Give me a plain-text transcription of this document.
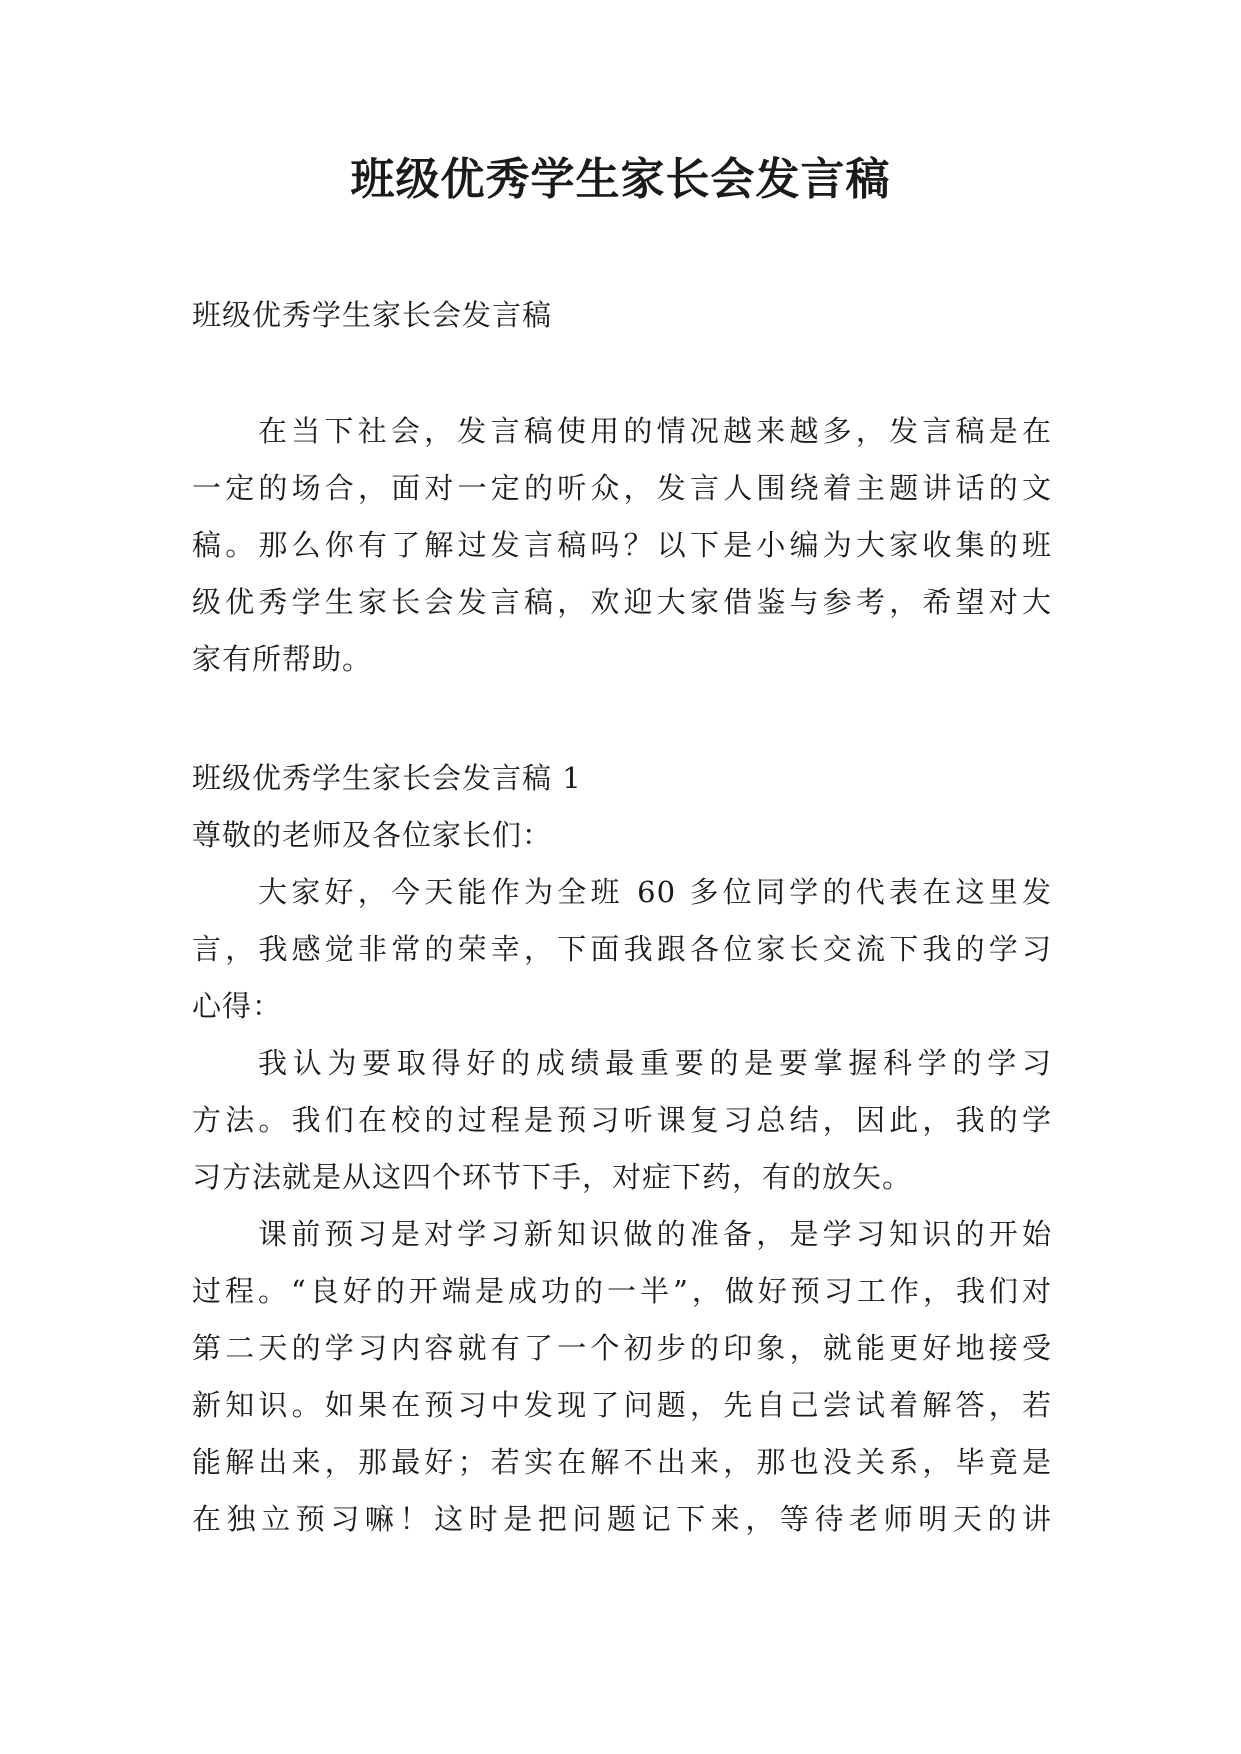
班级优秀学生家长会发言稿
班级优秀学生家长会发言稿
在当下社会，发言稿使用的情况越来越多，发言稿是在
一定的场合，面对一定的听众，发言人围绕着主题讲话的文
稿。那么你有了解过发言稿吗？以下是小编为大家收集的班
级优秀学生家长会发言稿，欢迎大家借鉴与参考，希望对大
家有所帮助。
班级优秀学生家长会发言稿 1
尊敬的老师及各位家长们：
大家好，今天能作为全班 60 多位同学的代表在这里发
言，我感觉非常的荣幸，下面我跟各位家长交流下我的学习
心得：
我认为要取得好的成绩最重要的是要掌握科学的学习
方法。我们在校的过程是预习听课复习总结，因此，我的学
习方法就是从这四个环节下手，对症下药，有的放矢。
课前预习是对学习新知识做的准备，是学习知识的开始
过程。“良好的开端是成功的一半”，做好预习工作，我们对
第二天的学习内容就有了一个初步的印象，就能更好地接受
新知识。如果在预习中发现了问题，先自己尝试着解答，若
能解出来，那最好；若实在解不出来，那也没关系，毕竟是
在独立预习嘛！这时是把问题记下来，等待老师明天的讲
